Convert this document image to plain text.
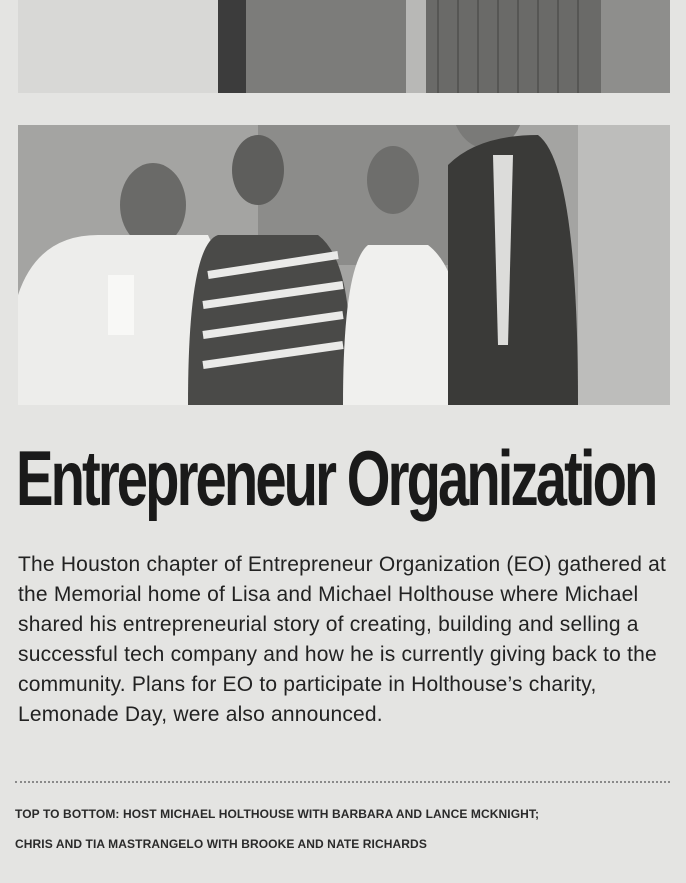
Entrepreneur Organization

The Houston chapter of Entrepreneur Organization (EO) gathered at the Memorial home of Lisa and Michael Holthouse where Michael shared his entrepreneurial story of creating, building and selling a successful tech company and how he is currently giving back to the community. Plans for EO to participate in Holthouse’s charity, Lemonade Day, were also announced.

TOP TO BOTTOM: HOST MICHAEL HOLTHOUSE WITH BARBARA AND LANCE MCKNIGHT;

CHRIS AND TIA MASTRANGELO WITH BROOKE AND NATE RICHARDS
